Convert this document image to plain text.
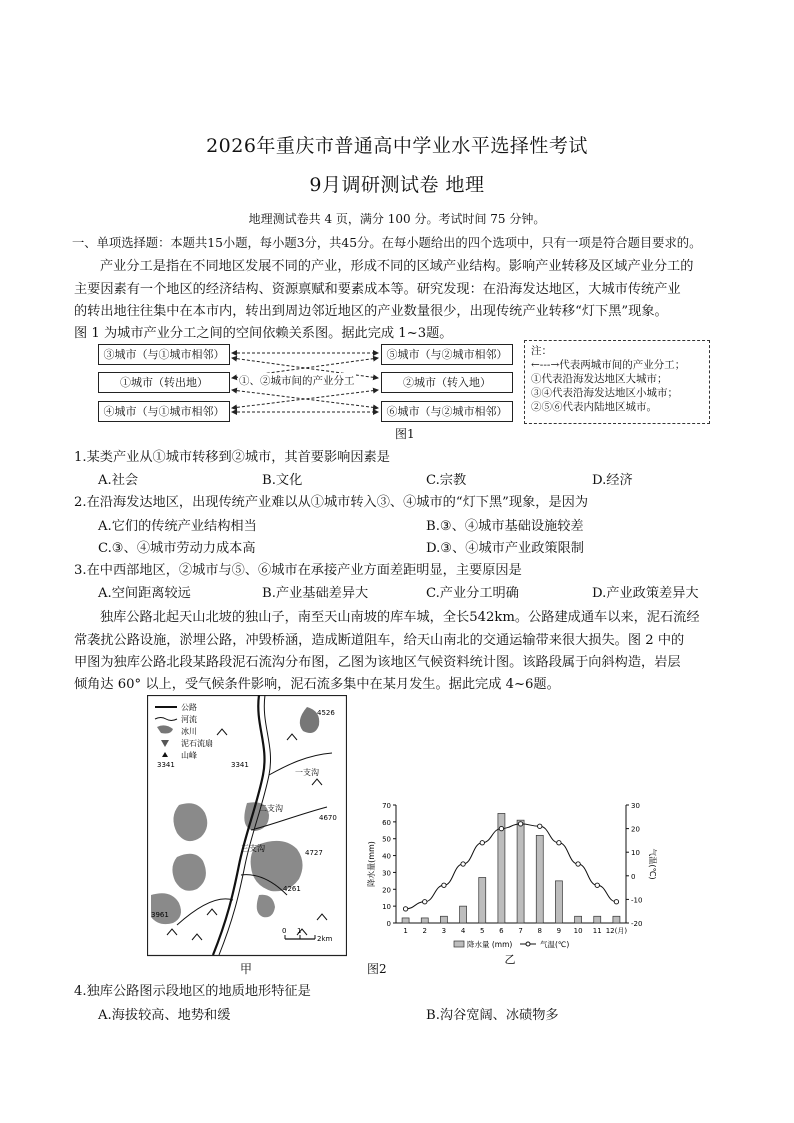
2026年重庆市普通高中学业水平选择性考试
9月调研测试卷 地理
地理测试卷共 4 页，满分 100 分。考试时间 75 分钟。
一、单项选择题：本题共15小题，每小题3分，共45分。在每小题给出的四个选项中，只有一项是符合题目要求的。
产业分工是指在不同地区发展不同的产业，形成不同的区域产业结构。影响产业转移及区域产业分工的
主要因素有一个地区的经济结构、资源禀赋和要素成本等。研究发现：在沿海发达地区，大城市传统产业
的转出地往往集中在本市内，转出到周边邻近地区的产业数量很少，出现传统产业转移“灯下黑”现象。
图 1 为城市产业分工之间的空间依赖关系图。据此完成 1~3题。
③城市（与①城市相邻）
①城市（转出地）
④城市（与①城市相邻）
⑤城市（与②城市相邻）
②城市（转入地）
⑥城市（与②城市相邻）
①、②城市间的产业分工
注：
←---→代表两城市间的产业分工；
①代表沿海发达地区大城市；
③④代表沿海发达地区小城市；
②⑤⑥代表内陆地区城市。
图1
1.某类产业从①城市转移到②城市，其首要影响因素是
A.社会	B.文化	C.宗教	D.经济
2.在沿海发达地区，出现传统产业难以从①城市转入③、④城市的“灯下黑”现象，是因为
A.它们的传统产业结构相当	B.③、④城市基础设施较差
C.③、④城市劳动力成本高	D.③、④城市产业政策限制
3.在中西部地区，②城市与⑤、⑥城市在承接产业方面差距明显，主要原因是
A.空间距离较远	B.产业基础差异大	C.产业分工明确	D.产业政策差异大
独库公路北起天山北坡的独山子，南至天山南坡的库车城，全长542km。公路建成通车以来，泥石流经
常袭扰公路设施，淤埋公路，冲毁桥涵，造成断道阻车，给天山南北的交通运输带来很大损失。图 2 中的
甲图为独库公路北段某路段泥石流沟分布图，乙图为该地区气候资料统计图。该路段属于向斜构造，岩层
倾角达 60° 以上，受气候条件影响，泥石流多集中在某月发生。据此完成 4~6题。
公路
河流
冰川
泥石流扇
山峰
4526
3341	3341
4670
4727
4261
3961
一支沟
二支沟
三支沟
0 1
2km
甲	图2
0
10
20
30
40
50
60
70
-20
-10
0
10
20
30
降水量(mm)	气温(℃)
1 2 3 4 5 6 7 8 9 10 11 12(月)
降水量 (mm)	气温(℃)
乙
4.独库公路图示段地区的地质地形特征是
A.海拔较高、地势和缓	B.沟谷宽阔、冰碛物多
